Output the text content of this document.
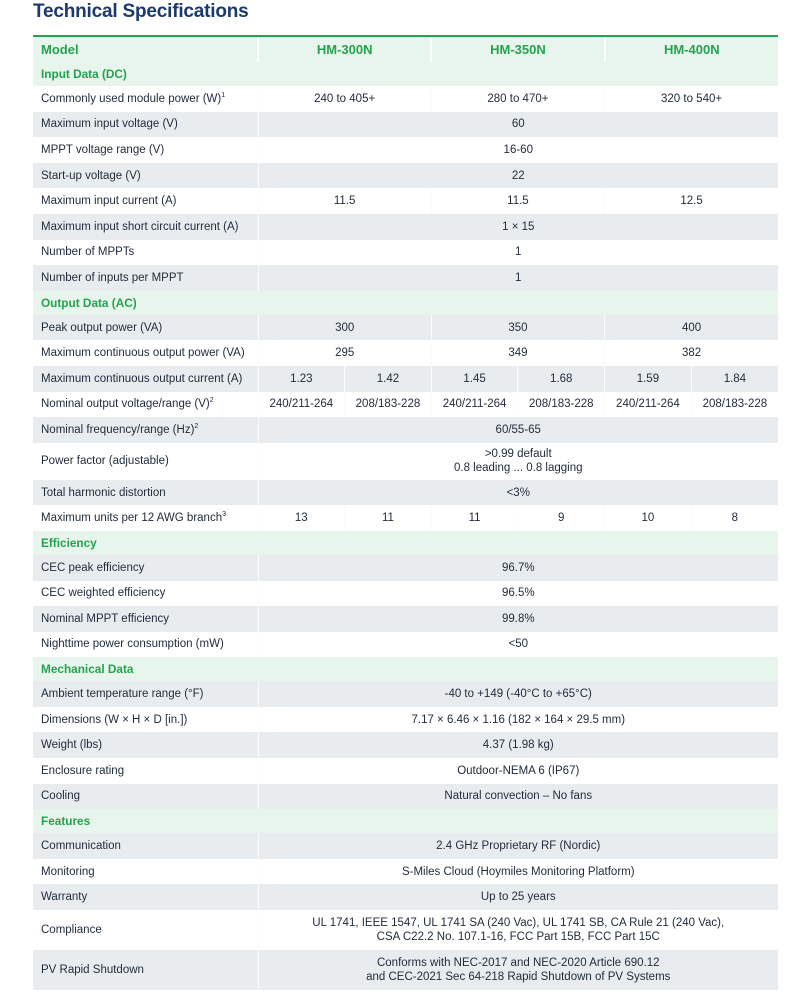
Technical Specifications
Model	HM-300N		HM-350N		HM-400N	
Input Data (DC)						
Commonly used module power $(W)^1$	240 to 405+		280 to 470+		320 to 540+	
Maximum input voltage (V)	60					
MPPT voltage range (V)	16-60					
Start-up voltage (V)	22					
Maximum input current (A)	11.5		11.5		12.5	
Maximum input short circuit current (A)	1 × 15					
Number of MPPTs	1					
Number of inputs per MPPT	1					
Output Data (AC)						
Peak output power (VA)	300		350		400	
Maximum continuous output power (VA)	295		349		382	
Maximum continuous output current (A)	1.23	1.42	1.45	1.68	1.59	1.84
Nominal output voltage/range $(V)^2$	240/211-264	208/183-228	240/211-264	208/183-228	240/211-264	208/183-228
Nominal frequency/range $(Hz)^2$	60/55-65					
Power factor (adjustable)	>0.99 default
0.8 leading ... 0.8 lagging					

Total harmonic distortion	<3%					
Maximum units per 12 AWG branch$^3$	13	11	11	9	10	8
Efficiency						
CEC peak efficiency	96.7%					
CEC weighted efficiency	96.5%					
Nominal MPPT efficiency	99.8%					
Nighttime power consumption (mW)	<50					
Mechanical Data						
Ambient temperature range (°F)	-40 to +149 (-40°C to +65°C)					
Dimensions (W × H × D [in.])	7.17 × 6.46 × 1.16 (182 × 164 × 29.5 mm)					
Weight (lbs)	4.37 (1.98 kg)					
Enclosure rating	Outdoor-NEMA 6 (IP67)					
Cooling	Natural convection – No fans					
Features						
Communication	2.4 GHz Proprietary RF (Nordic)					
Monitoring	S-Miles Cloud (Hoymiles Monitoring Platform)					
Warranty	Up to 25 years					
Compliance	UL 1741, IEEE 1547, UL 1741 SA (240 Vac), UL 1741 SB, CA Rule 21 (240 Vac),
CSA C22.2 No. 107.1-16, FCC Part 15B, FCC Part 15C					

PV Rapid Shutdown	Conforms with NEC-2017 and NEC-2020 Article 690.12
and CEC-2021 Sec 64-218 Rapid Shutdown of PV Systems					
